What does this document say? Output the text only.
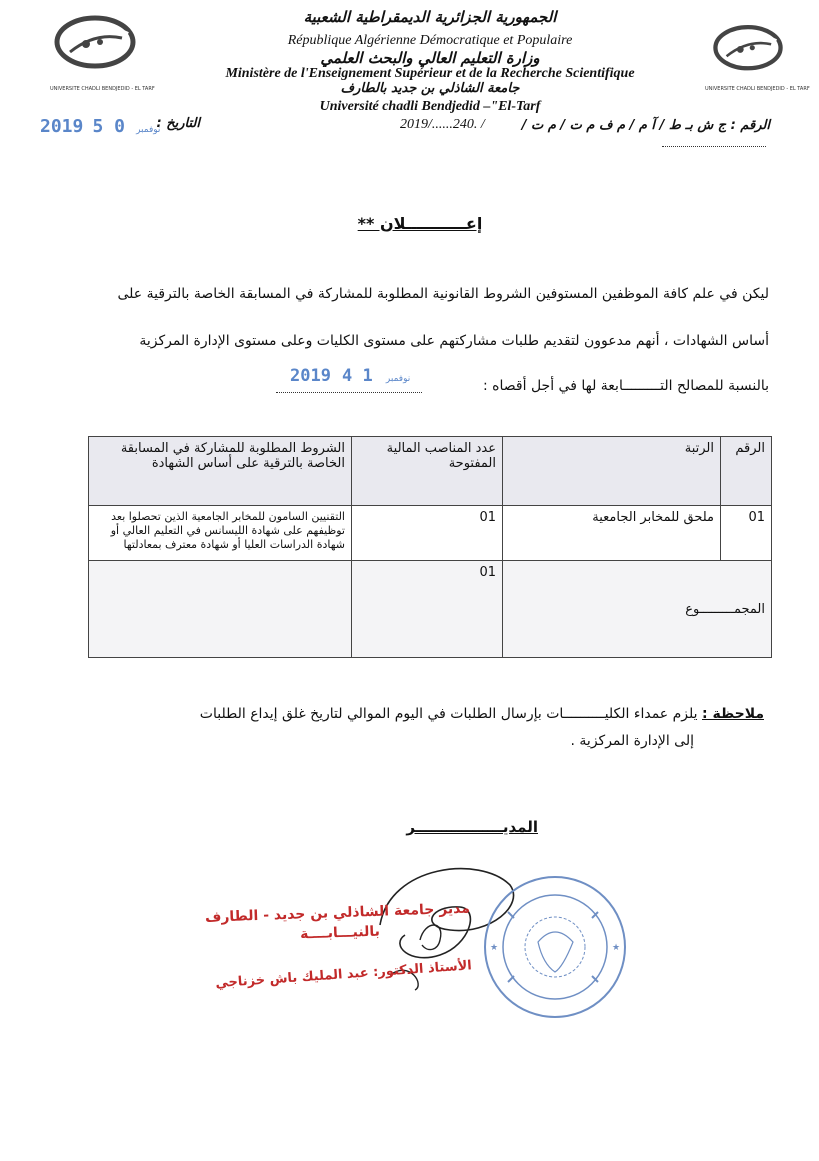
UNIVERSITE CHADLI BENDJEDID - EL TARF	UNIVERSITE CHADLI BENDJEDID - EL TARF
الجمهورية الجزائرية الديمقراطية الشعبية
République Algérienne Démocratique et Populaire
وزارة التعليم العالي والبحث العلمي
Ministère de l'Enseignement Supérieur et de la Recherche Scientifique
جامعة الشاذلي بن جديد بالطارف
Université chadli Bendjedid –"El-Tarf
2019/......240. /	الرقم : ج ش بـ ط / آ م / م ف م ت / م ت /
التاريخ :
2019	نوفمبر 0 5
إعـــــــــــلان **
ليكن في علم كافة الموظفين المستوفين الشروط القانونية المطلوبة للمشاركة في المسابقة الخاصة بالترقية على
أساس الشهادات ، أنهم مدعوون لتقديم طلبات مشاركتهم على مستوى الكليات وعلى مستوى الإدارة المركزية
بالنسبة للمصالح التـــــــــابعة لها في أجل أقصاه :
2019	نوفمبر 1 4
الرقم	الرتبة	عدد المناصب المالية المفتوحة	الشروط المطلوبة للمشاركة في المسابقة الخاصة بالترقية على أساس الشهادة
01	ملحق للمخابر الجامعية	01	التقنيين السامون للمخابر الجامعية الذين تحصلوا بعد توظيفهم على شهادة الليسانس في التعليم العالي أو شهادة الدراسات العليا أو شهادة معترف بمعادلتها
المجمـــــــــوع		01	
ملاحظة : يلزم عمداء الكليــــــــــات بإرسال الطلبات في اليوم الموالي لتاريخ غلق إيداع الطلبات
إلى الإدارة المركزية .
المديـــــــــــــــــر
★	★
مدير جامعة الشاذلي بن جديد - الطارف
بالنيـــابــــة
الأستاذ الدكتور: عبد المليك باش خزناجي
